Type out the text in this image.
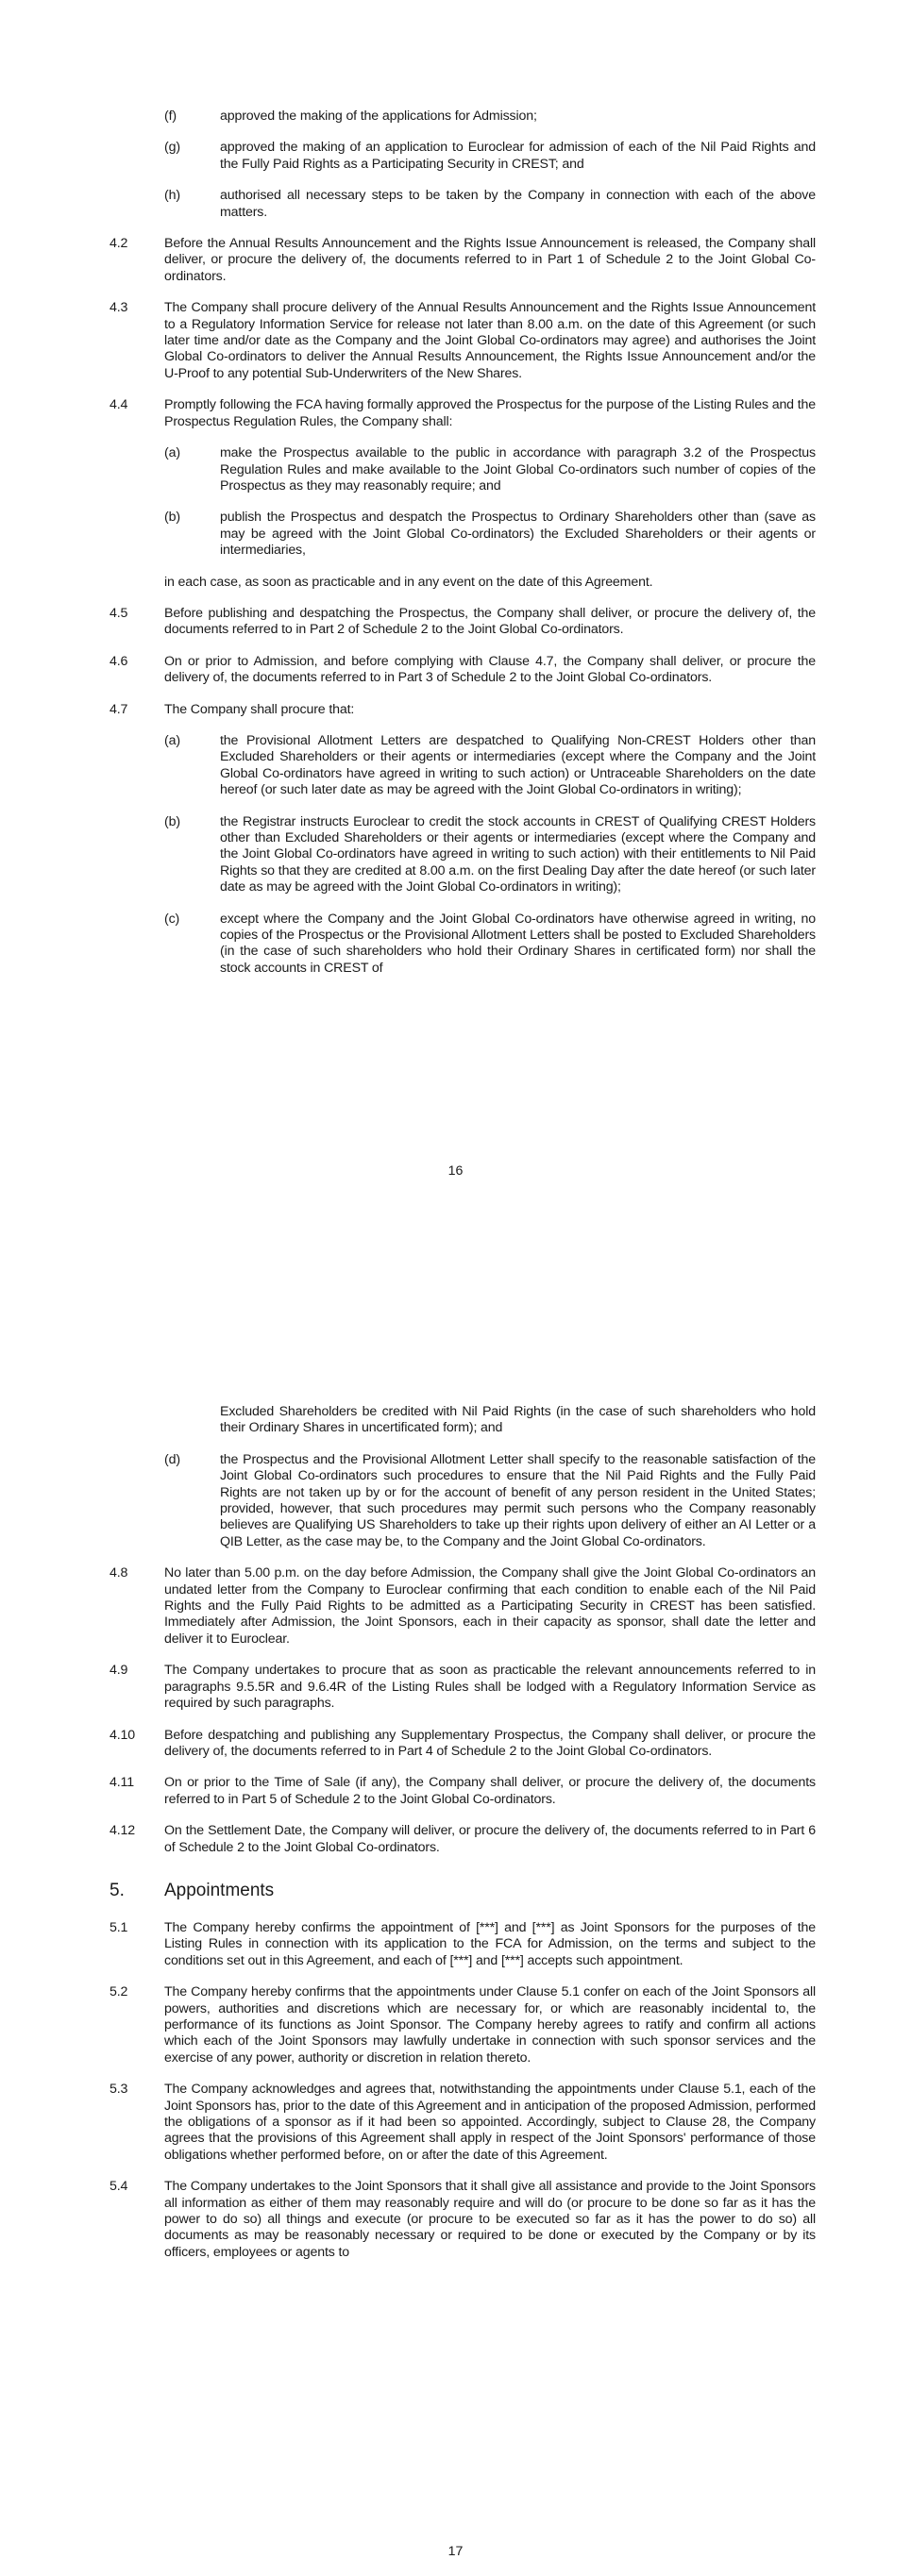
(f)	approved the making of the applications for Admission;
(g)	approved the making of an application to Euroclear for admission of each of the Nil Paid Rights and the Fully Paid Rights as a Participating Security in CREST; and
(h)	authorised all necessary steps to be taken by the Company in connection with each of the above matters.
4.2	Before the Annual Results Announcement and the Rights Issue Announcement is released, the Company shall deliver, or procure the delivery of, the documents referred to in Part 1 of Schedule 2 to the Joint Global Co-ordinators.
4.3	The Company shall procure delivery of the Annual Results Announcement and the Rights Issue Announcement to a Regulatory Information Service for release not later than 8.00 a.m. on the date of this Agreement (or such later time and/or date as the Company and the Joint Global Co-ordinators may agree) and authorises the Joint Global Co-ordinators to deliver the Annual Results Announcement, the Rights Issue Announcement and/or the U-Proof to any potential Sub-Underwriters of the New Shares.
4.4	Promptly following the FCA having formally approved the Prospectus for the purpose of the Listing Rules and the Prospectus Regulation Rules, the Company shall:
(a)	make the Prospectus available to the public in accordance with paragraph 3.2 of the Prospectus Regulation Rules and make available to the Joint Global Co-ordinators such number of copies of the Prospectus as they may reasonably require; and
(b)	publish the Prospectus and despatch the Prospectus to Ordinary Shareholders other than (save as may be agreed with the Joint Global Co-ordinators) the Excluded Shareholders or their agents or intermediaries,
in each case, as soon as practicable and in any event on the date of this Agreement.
4.5	Before publishing and despatching the Prospectus, the Company shall deliver, or procure the delivery of, the documents referred to in Part 2 of Schedule 2 to the Joint Global Co-ordinators.
4.6	On or prior to Admission, and before complying with Clause 4.7, the Company shall deliver, or procure the delivery of, the documents referred to in Part 3 of Schedule 2 to the Joint Global Co-ordinators.
4.7	The Company shall procure that:
(a)	the Provisional Allotment Letters are despatched to Qualifying Non-CREST Holders other than Excluded Shareholders or their agents or intermediaries (except where the Company and the Joint Global Co-ordinators have agreed in writing to such action) or Untraceable Shareholders on the date hereof (or such later date as may be agreed with the Joint Global Co-ordinators in writing);
(b)	the Registrar instructs Euroclear to credit the stock accounts in CREST of Qualifying CREST Holders other than Excluded Shareholders or their agents or intermediaries (except where the Company and the Joint Global Co-ordinators have agreed in writing to such action) with their entitlements to Nil Paid Rights so that they are credited at 8.00 a.m. on the first Dealing Day after the date hereof (or such later date as may be agreed with the Joint Global Co-ordinators in writing);
(c)	except where the Company and the Joint Global Co-ordinators have otherwise agreed in writing, no copies of the Prospectus or the Provisional Allotment Letters shall be posted to Excluded Shareholders (in the case of such shareholders who hold their Ordinary Shares in certificated form) nor shall the stock accounts in CREST of
16
Excluded Shareholders be credited with Nil Paid Rights (in the case of such shareholders who hold their Ordinary Shares in uncertificated form); and
(d)	the Prospectus and the Provisional Allotment Letter shall specify to the reasonable satisfaction of the Joint Global Co-ordinators such procedures to ensure that the Nil Paid Rights and the Fully Paid Rights are not taken up by or for the account of benefit of any person resident in the United States; provided, however, that such procedures may permit such persons who the Company reasonably believes are Qualifying US Shareholders to take up their rights upon delivery of either an AI Letter or a QIB Letter, as the case may be, to the Company and the Joint Global Co-ordinators.
4.8	No later than 5.00 p.m. on the day before Admission, the Company shall give the Joint Global Co-ordinators an undated letter from the Company to Euroclear confirming that each condition to enable each of the Nil Paid Rights and the Fully Paid Rights to be admitted as a Participating Security in CREST has been satisfied. Immediately after Admission, the Joint Sponsors, each in their capacity as sponsor, shall date the letter and deliver it to Euroclear.
4.9	The Company undertakes to procure that as soon as practicable the relevant announcements referred to in paragraphs 9.5.5R and 9.6.4R of the Listing Rules shall be lodged with a Regulatory Information Service as required by such paragraphs.
4.10 Before despatching and publishing any Supplementary Prospectus, the Company shall deliver, or procure the delivery of, the documents referred to in Part 4 of Schedule 2 to the Joint Global Co-ordinators.
4.11 On or prior to the Time of Sale (if any), the Company shall deliver, or procure the delivery of, the documents referred to in Part 5 of Schedule 2 to the Joint Global Co-ordinators.
4.12 On the Settlement Date, the Company will deliver, or procure the delivery of, the documents referred to in Part 6 of Schedule 2 to the Joint Global Co-ordinators.
5. Appointments
5.1	The Company hereby confirms the appointment of [***] and [***] as Joint Sponsors for the purposes of the Listing Rules in connection with its application to the FCA for Admission, on the terms and subject to the conditions set out in this Agreement, and each of [***] and [***] accepts such appointment.
5.2	The Company hereby confirms that the appointments under Clause 5.1 confer on each of the Joint Sponsors all powers, authorities and discretions which are necessary for, or which are reasonably incidental to, the performance of its functions as Joint Sponsor. The Company hereby agrees to ratify and confirm all actions which each of the Joint Sponsors may lawfully undertake in connection with such sponsor services and the exercise of any power, authority or discretion in relation thereto.
5.3	The Company acknowledges and agrees that, notwithstanding the appointments under Clause 5.1, each of the Joint Sponsors has, prior to the date of this Agreement and in anticipation of the proposed Admission, performed the obligations of a sponsor as if it had been so appointed. Accordingly, subject to Clause 28, the Company agrees that the provisions of this Agreement shall apply in respect of the Joint Sponsors' performance of those obligations whether performed before, on or after the date of this Agreement.
5.4	The Company undertakes to the Joint Sponsors that it shall give all assistance and provide to the Joint Sponsors all information as either of them may reasonably require and will do (or procure to be done so far as it has the power to do so) all things and execute (or procure to be executed so far as it has the power to do so) all documents as may be reasonably necessary or required to be done or executed by the Company or by its officers, employees or agents to
17
